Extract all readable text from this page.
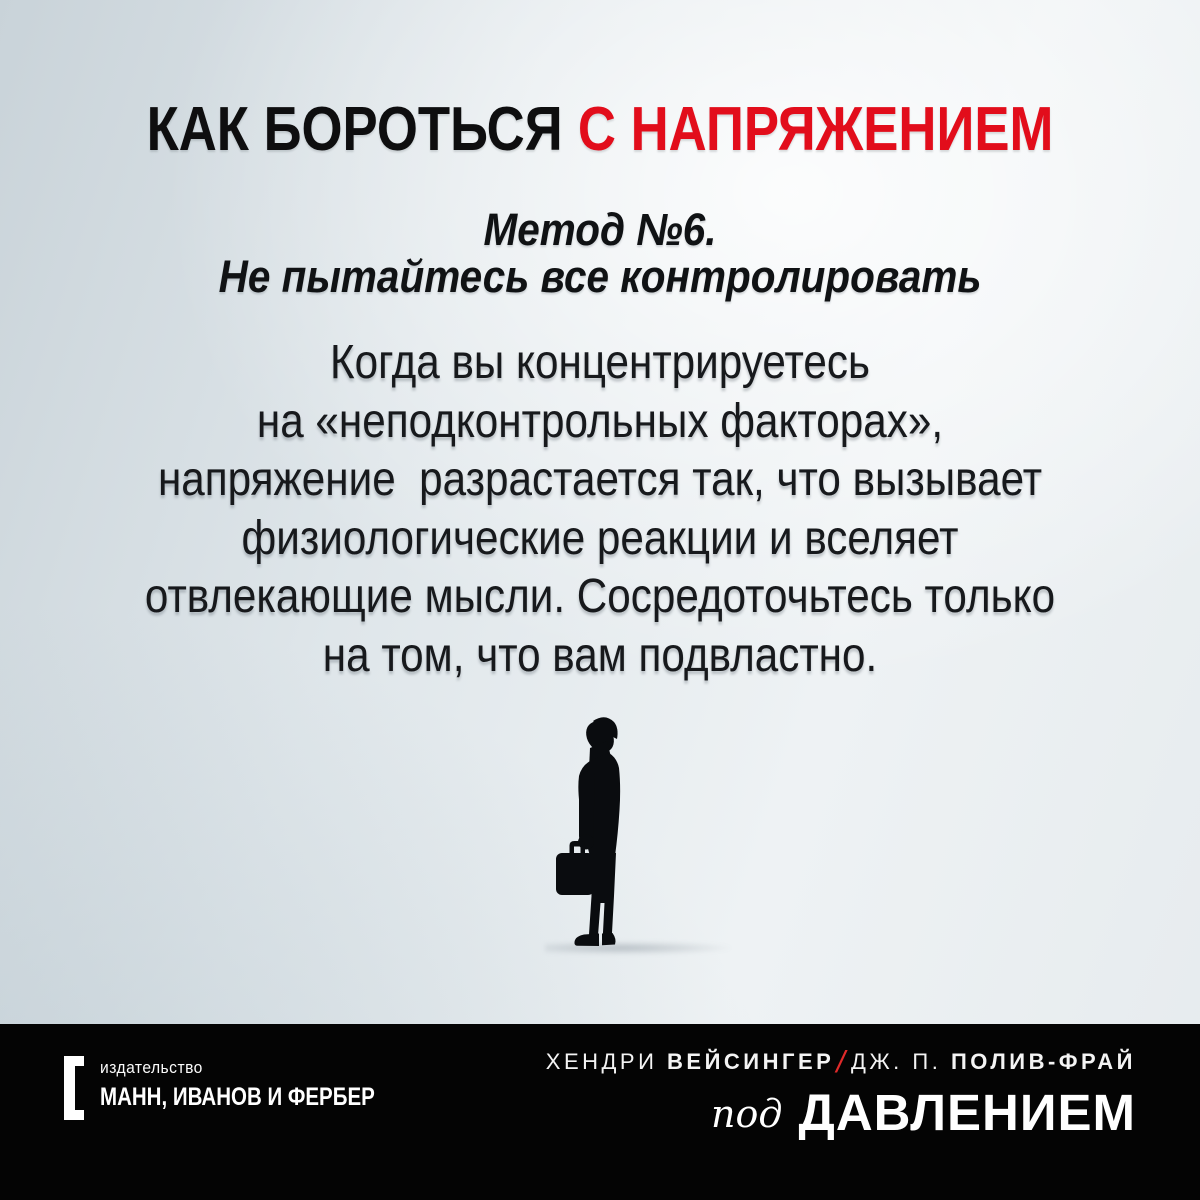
КАК БОРОТЬСЯ С НАПРЯЖЕНИЕМ
Метод №6.
Не пытайтесь все контролировать
Когда вы концентрируетесь
на «неподконтрольных факторах»,
напряжение  разрастается так, что вызывает
физиологические реакции и вселяет
отвлекающие мысли. Сосредоточьтесь только
на том, что вам подвластно.
издательство
МАНН, ИВАНОВ И ФЕРБЕР
ХЕНДРИ ВЕЙСИНГЕР/ ДЖ. П. ПОЛИВ-ФРАЙ
под ДАВЛЕНИЕМ
